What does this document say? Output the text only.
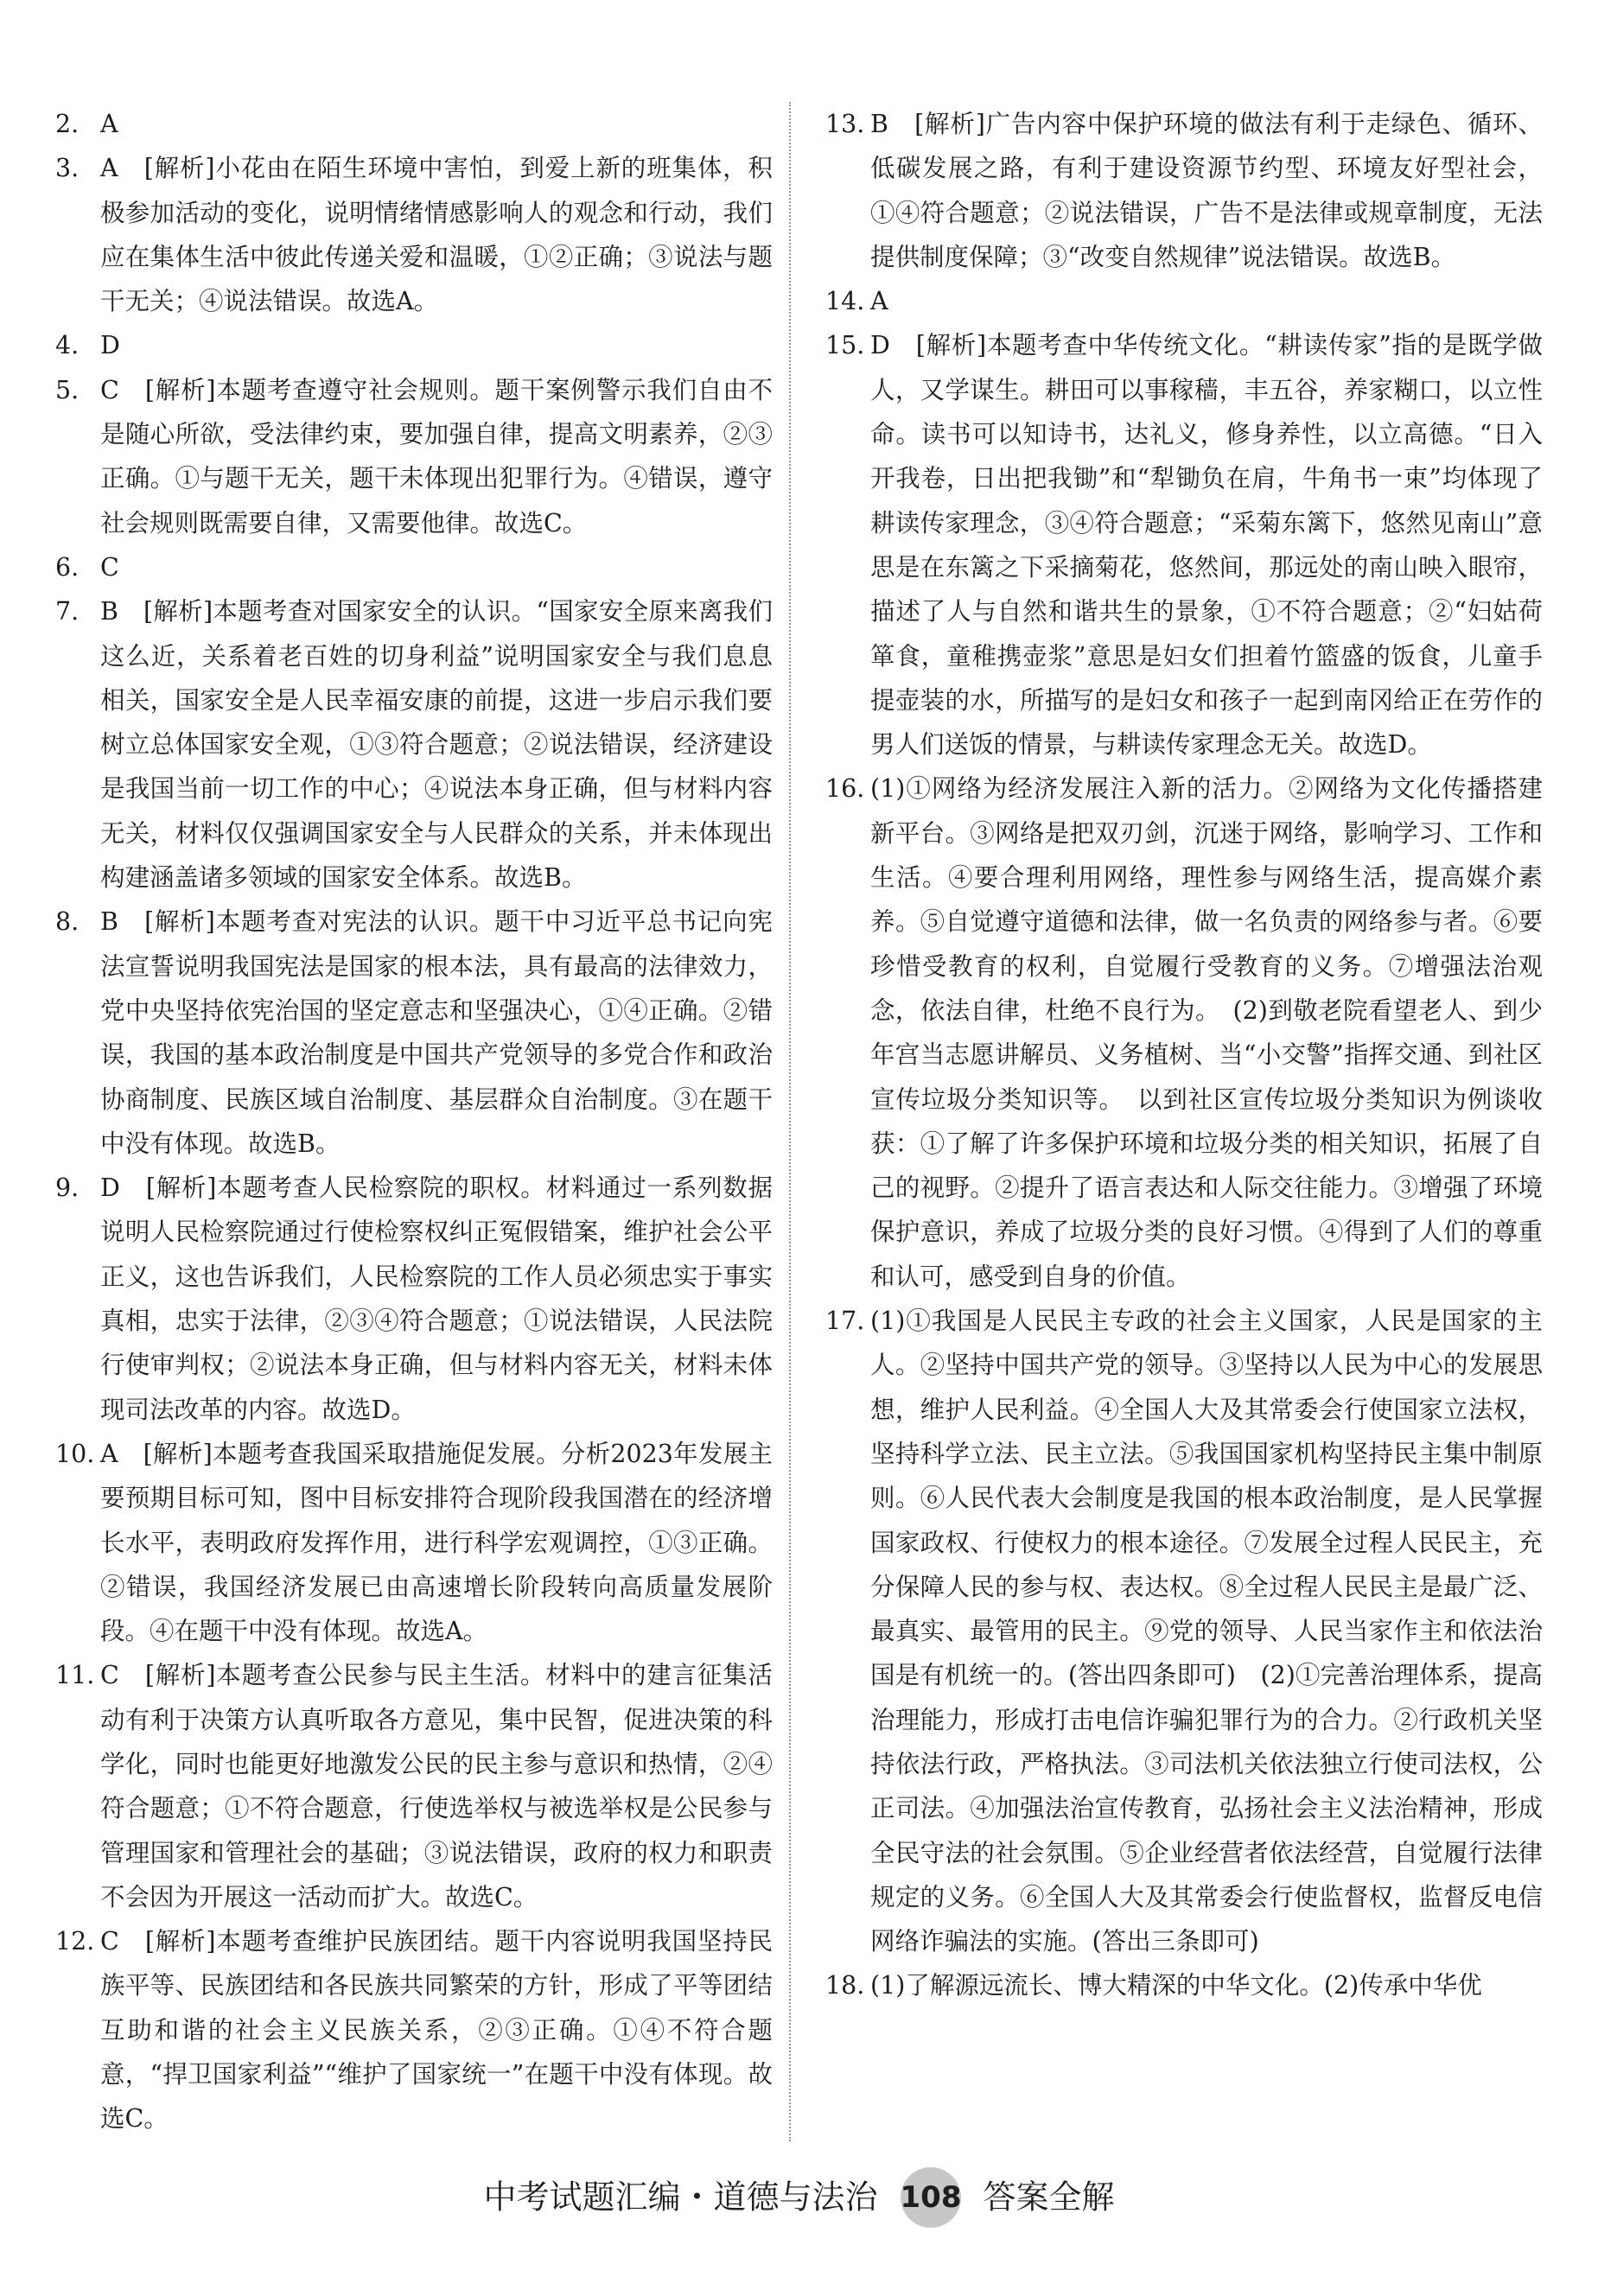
2. A
3. A　[解析]小花由在陌生环境中害怕，到爱上新的班集体，积极参加活动的变化，说明情绪情感影响人的观念和行动，我们应在集体生活中彼此传递关爱和温暖，①②正确；③说法与题干无关；④说法错误。故选A。
4. D
5. C　[解析]本题考查遵守社会规则。题干案例警示我们自由不是随心所欲，受法律约束，要加强自律，提高文明素养，②③正确。①与题干无关，题干未体现出犯罪行为。④错误，遵守社会规则既需要自律，又需要他律。故选C。
6. C
7. B　[解析]本题考查对国家安全的认识。“国家安全原来离我们这么近，关系着老百姓的切身利益”说明国家安全与我们息息相关，国家安全是人民幸福安康的前提，这进一步启示我们要树立总体国家安全观，①③符合题意；②说法错误，经济建设是我国当前一切工作的中心；④说法本身正确，但与材料内容无关，材料仅仅强调国家安全与人民群众的关系，并未体现出构建涵盖诸多领域的国家安全体系。故选B。
8. B　[解析]本题考查对宪法的认识。题干中习近平总书记向宪法宣誓说明我国宪法是国家的根本法，具有最高的法律效力，党中央坚持依宪治国的坚定意志和坚强决心，①④正确。②错误，我国的基本政治制度是中国共产党领导的多党合作和政治协商制度、民族区域自治制度、基层群众自治制度。③在题干中没有体现。故选B。
9. D　[解析]本题考查人民检察院的职权。材料通过一系列数据说明人民检察院通过行使检察权纠正冤假错案，维护社会公平正义，这也告诉我们，人民检察院的工作人员必须忠实于事实真相，忠实于法律，②③④符合题意；①说法错误，人民法院行使审判权；②说法本身正确，但与材料内容无关，材料未体现司法改革的内容。故选D。
10. A　[解析]本题考查我国采取措施促发展。分析2023年发展主要预期目标可知，图中目标安排符合现阶段我国潜在的经济增长水平，表明政府发挥作用，进行科学宏观调控，①③正确。②错误，我国经济发展已由高速增长阶段转向高质量发展阶段。④在题干中没有体现。故选A。
11. C　[解析]本题考查公民参与民主生活。材料中的建言征集活动有利于决策方认真听取各方意见，集中民智，促进决策的科学化，同时也能更好地激发公民的民主参与意识和热情，②④符合题意；①不符合题意，行使选举权与被选举权是公民参与管理国家和管理社会的基础；③说法错误，政府的权力和职责不会因为开展这一活动而扩大。故选C。
12. C　[解析]本题考查维护民族团结。题干内容说明我国坚持民族平等、民族团结和各民族共同繁荣的方针，形成了平等团结互助和谐的社会主义民族关系，②③正确。①④不符合题意，“捍卫国家利益”“维护了国家统一”在题干中没有体现。故选C。
13. B　[解析]广告内容中保护环境的做法有利于走绿色、循环、低碳发展之路，有利于建设资源节约型、环境友好型社会，①④符合题意；②说法错误，广告不是法律或规章制度，无法提供制度保障；③“改变自然规律”说法错误。故选B。
14. A
15. D　[解析]本题考查中华传统文化。“耕读传家”指的是既学做人，又学谋生。耕田可以事稼穑，丰五谷，养家糊口，以立性命。读书可以知诗书，达礼义，修身养性，以立高德。“日入开我卷，日出把我锄”和“犁锄负在肩，牛角书一束”均体现了耕读传家理念，③④符合题意；“采菊东篱下，悠然见南山”意思是在东篱之下采摘菊花，悠然间，那远处的南山映入眼帘，描述了人与自然和谐共生的景象，①不符合题意；②“妇姑荷箪食，童稚携壶浆”意思是妇女们担着竹篮盛的饭食，儿童手提壶装的水，所描写的是妇女和孩子一起到南冈给正在劳作的男人们送饭的情景，与耕读传家理念无关。故选D。
16. (1)①网络为经济发展注入新的活力。②网络为文化传播搭建新平台。③网络是把双刃剑，沉迷于网络，影响学习、工作和生活。④要合理利用网络，理性参与网络生活，提高媒介素养。⑤自觉遵守道德和法律，做一名负责的网络参与者。⑥要珍惜受教育的权利，自觉履行受教育的义务。⑦增强法治观念，依法自律，杜绝不良行为。　(2)到敬老院看望老人、到少年宫当志愿讲解员、义务植树、当“小交警”指挥交通、到社区宣传垃圾分类知识等。　以到社区宣传垃圾分类知识为例谈收获：①了解了许多保护环境和垃圾分类的相关知识，拓展了自己的视野。②提升了语言表达和人际交往能力。③增强了环境保护意识，养成了垃圾分类的良好习惯。④得到了人们的尊重和认可，感受到自身的价值。
17. (1)①我国是人民民主专政的社会主义国家，人民是国家的主人。②坚持中国共产党的领导。③坚持以人民为中心的发展思想，维护人民利益。④全国人大及其常委会行使国家立法权，坚持科学立法、民主立法。⑤我国国家机构坚持民主集中制原则。⑥人民代表大会制度是我国的根本政治制度，是人民掌握国家政权、行使权力的根本途径。⑦发展全过程人民民主，充分保障人民的参与权、表达权。⑧全过程人民民主是最广泛、最真实、最管用的民主。⑨党的领导、人民当家作主和依法治国是有机统一的。(答出四条即可)　(2)①完善治理体系，提高治理能力，形成打击电信诈骗犯罪行为的合力。②行政机关坚持依法行政，严格执法。③司法机关依法独立行使司法权，公正司法。④加强法治宣传教育，弘扬社会主义法治精神，形成全民守法的社会氛围。⑤企业经营者依法经营，自觉履行法律规定的义务。⑥全国人大及其常委会行使监督权，监督反电信网络诈骗法的实施。(答出三条即可)
18. (1)了解源远流长、博大精深的中华文化。(2)传承中华优
中考试题汇编・道德与法治 108 答案全解
